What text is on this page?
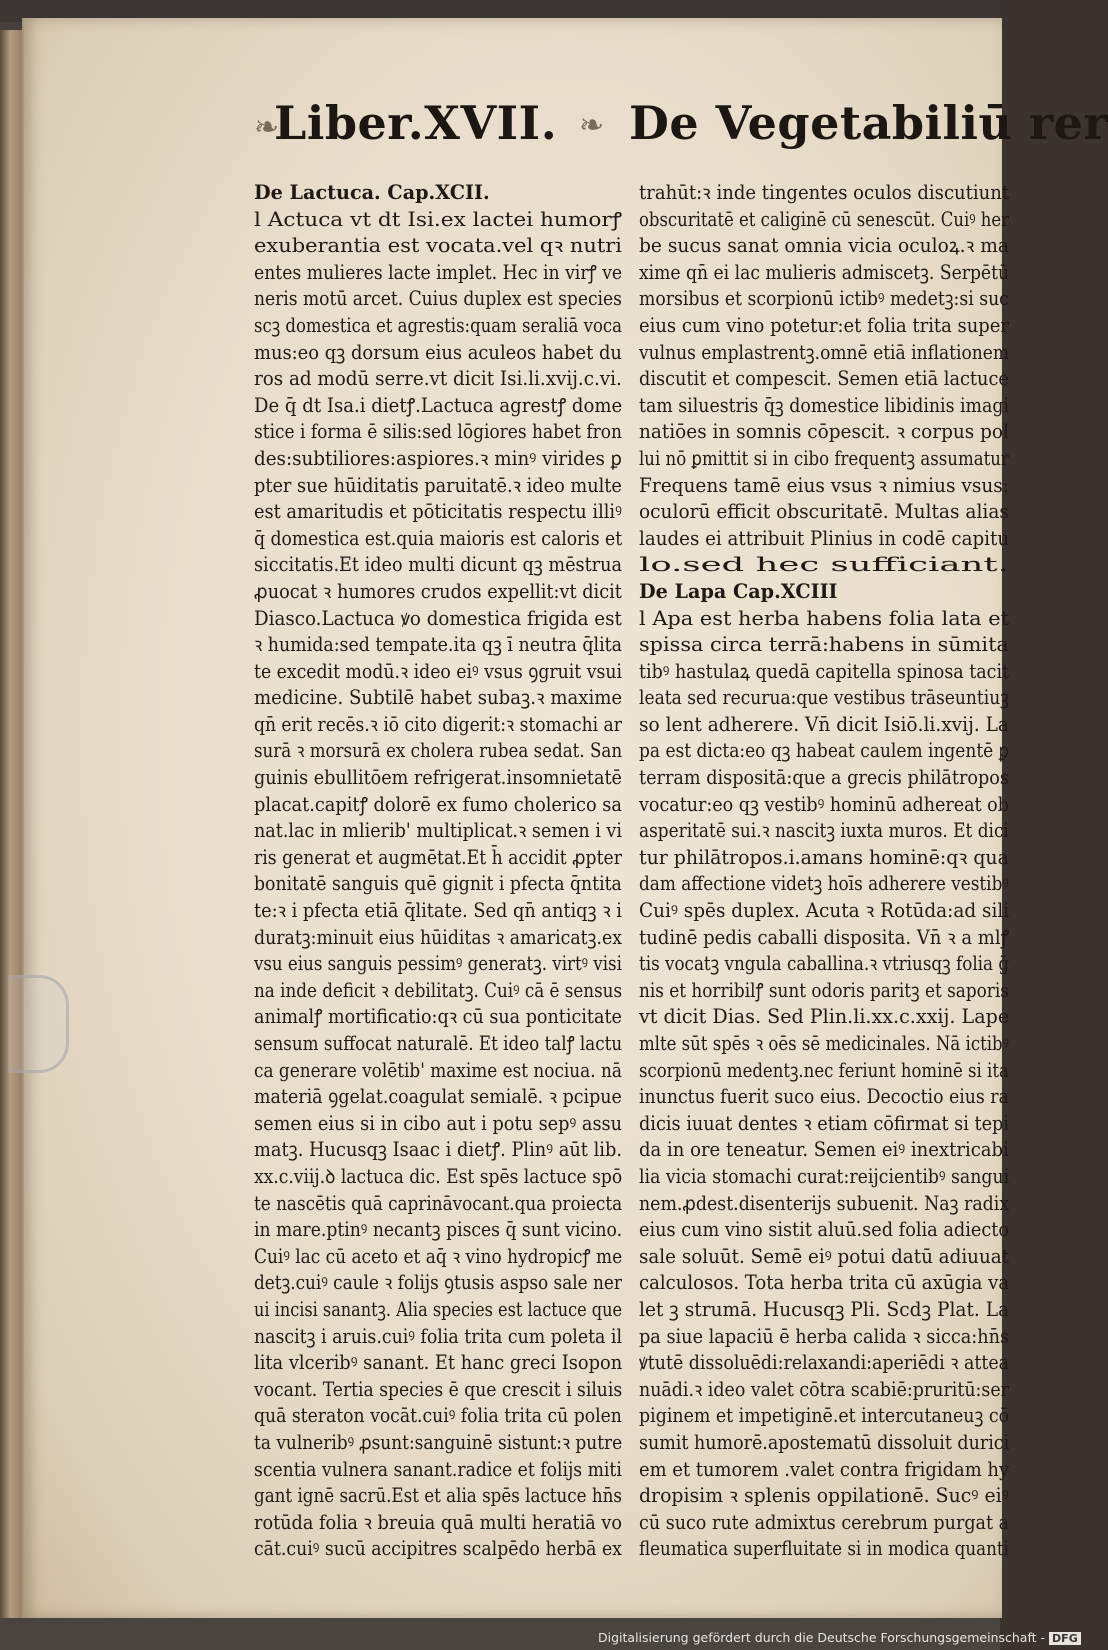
❧
Liber.XVII. ❧ De Vegetabiliū rer
De Lactuca. Cap.XCII.
l Actuca vt dt Isi.ex lactei humorꝭ
exuberantia est vocata.vel qꝛ nutri
entes mulieres lacte implet. Hec in virꝭ ve
neris motū arcet. Cuius duplex est species
scꝫ domestica et agrestis:quam seraliā voca
mus:eo qꝫ dorsum eius aculeos habet du
ros ad modū serre.vt dicit Isi.li.xvij.c.vi.
De q̄ dt Isa.i dietꝭ.Lactuca agrestꝭ dome
stice i forma ē silis:sed lōgiores habet fron
des:subtiliores:aspiores.ꝛ minꝰ virides ꝑ
pter sue hūiditatis paruitatē.ꝛ ideo multe
est amaritudis et pōticitatis respectu illiꝰ
q̄ domestica est.quia maioris est caloris et
siccitatis.Et ideo multi dicunt qꝫ mēstrua
ꝓuocat ꝛ humores crudos expellit:vt dicit
Diasco.Lactuca ꝟo domestica frigida est
ꝛ humida:sed tempate.ita qꝫ ī neutra q̄lita
te excedit modū.ꝛ ideo eiꝰ vsus ꝯgruit vsui
medicine. Subtilē habet subaꝫ.ꝛ maxime
qn̄ erit recēs.ꝛ iō cito digerit:ꝛ stomachi ar
surā ꝛ morsurā ex cholera rubea sedat. San
guinis ebullitōem refrigerat.insomnietatē
placat.capitꝭ dolorē ex fumo cholerico sa
nat.lac in mlierib' multiplicat.ꝛ semen i vi
ris generat et augmētat.Et h̄ accidit ꝓpter
bonitatē sanguis quē gignit i pfecta q̄ntita
te:ꝛ i pfecta etiā q̄litate. Sed qn̄ antiqꝫ ꝛ i
duratꝫ:minuit eius hūiditas ꝛ amaricatꝫ.ex
vsu eius sanguis pessimꝰ generatꝫ. virtꝰ visi
na inde deficit ꝛ debilitatꝫ. Cuiꝰ cā ē sensus
animalꝭ mortificatio:qꝛ cū sua ponticitate
sensum suffocat naturalē. Et ideo talꝭ lactu
ca generare volētib' maxime est nociua. nā
materiā ꝯgelat.coagulat semialē. ꝛ pcipue
semen eius si in cibo aut i potu sepꝰ assu
matꝫ. Hucusqꝫ Isaac i dietꝭ. Plinꝰ aūt lib.
xx.c.viij.ꝺ lactuca dic. Est spēs lactuce spō
te nascētis quā caprināvocant.qua proiecta
in mare.ptinꝰ necantꝫ pisces q̄ sunt vicino.
Cuiꝰ lac cū aceto et aq̄ ꝛ vino hydropicꝭ me
detꝫ.cuiꝰ caule ꝛ folijs ꝯtusis aspso sale ner
ui incisi sanantꝫ. Alia species est lactuce que
nascitꝫ i aruis.cuiꝰ folia trita cum poleta il
lita vlceribꝰ sanant. Et hanc greci Isopon
vocant. Tertia species ē que crescit i siluis
quā steraton vocāt.cuiꝰ folia trita cū polen
ta vulneribꝰ ꝓsunt:sanguinē sistunt:ꝛ putre
scentia vulnera sanant.radice et folijs miti
gant ignē sacrū.Est et alia spēs lactuce hn̄s
rotūda folia ꝛ breuia quā multi heratiā vo
cāt.cuiꝰ sucū accipitres scalpēdo herbā ex
trahūt:ꝛ inde tingentes oculos discutiunt
obscuritatē et caliginē cū senescūt. Cuiꝰ her
be sucus sanat omnia vicia oculoꝝ.ꝛ ma
xime qn̄ ei lac mulieris admiscetꝫ. Serpētū
morsibus et scorpionū ictibꝰ medetꝫ:si suc
eius cum vino potetur:et folia trita super
vulnus emplastrentꝫ.omnē etiā inflationem
discutit et compescit. Semen etiā lactuce
tam siluestris q̄ꝫ domestice libidinis imagi
natiōes in somnis cōpescit. ꝛ corpus pol
lui nō ꝑmittit si in cibo frequentꝫ assumatur
Frequens tamē eius vsus ꝛ nimius vsus:
oculorū efficit obscuritatē. Multas alias
laudes ei attribuit Plinius in codē capitu
lo.sed hec sufficiant.
De Lapa Cap.XCIII
l Apa est herba habens folia lata et
spissa circa terrā:habens in sūmita
tibꝰ hastulaꝝ quedā capitella spinosa tacit
leata sed recurua:que vestibus trāseuntiuꝫ
so lent adherere. Vn̄ dicit Isiō.li.xvij. La
pa est dicta:eo qꝫ habeat caulem ingentē ꝑ
terram dispositā:que a grecis philātropos
vocatur:eo qꝫ vestibꝰ hominū adhereat ob
asperitatē sui.ꝛ nascitꝫ iuxta muros. Et dici
tur philātropos.i.amans hominē:qꝛ qua
dam affectione videtꝫ hoīs adherere vestibꝰ
Cuiꝰ spēs duplex. Acuta ꝛ Rotūda:ad sili
tudinē pedis caballi disposita. Vn̄ ꝛ a mlꝭ
tis vocatꝫ vngula caballina.ꝛ vtriusqꝫ folia ḡ
nis et horribilꝭ sunt odoris paritꝫ et saporis
vt dicit Dias. Sed Plin.li.xx.c.xxij. Lape
mlte sūt spēs ꝛ oēs sē medicinales. Nā ictibꝰ
scorpionū medentꝫ.nec feriunt hominē si ita
inunctus fuerit suco eius. Decoctio eius ra
dicis iuuat dentes ꝛ etiam cōfirmat si tepi
da in ore teneatur. Semen eiꝰ inextricabi
lia vicia stomachi curat:reijcientibꝰ sangui
nem.ꝓdest.disenterijs subuenit. Naꝫ radix
eius cum vino sistit aluū.sed folia adiecto
sale soluūt. Semē eiꝰ potui datū adiuuat
calculosos. Tota herba trita cū axūgia va
let ꝫ strumā. Hucusqꝫ Pli. Scdꝫ Plat. La
pa siue lapaciū ē herba calida ꝛ sicca:hn̄s
ꝟtutē dissoluēdi:relaxandi:aperiēdi ꝛ attea
nuādi.ꝛ ideo valet cōtra scabiē:pruritū:ser
piginem et impetiginē.et intercutaneuꝫ cō
sumit humorē.apostematū dissoluit durici
em et tumorem .valet contra frigidam hy
dropisim ꝛ splenis oppilationē. Sucꝰ eiꝰ
cū suco rute admixtus cerebrum purgat a
fleumatica superfluitate si in modica quanti
Digitalisierung gefördert durch die Deutsche Forschungsgemeinschaft - DFG
